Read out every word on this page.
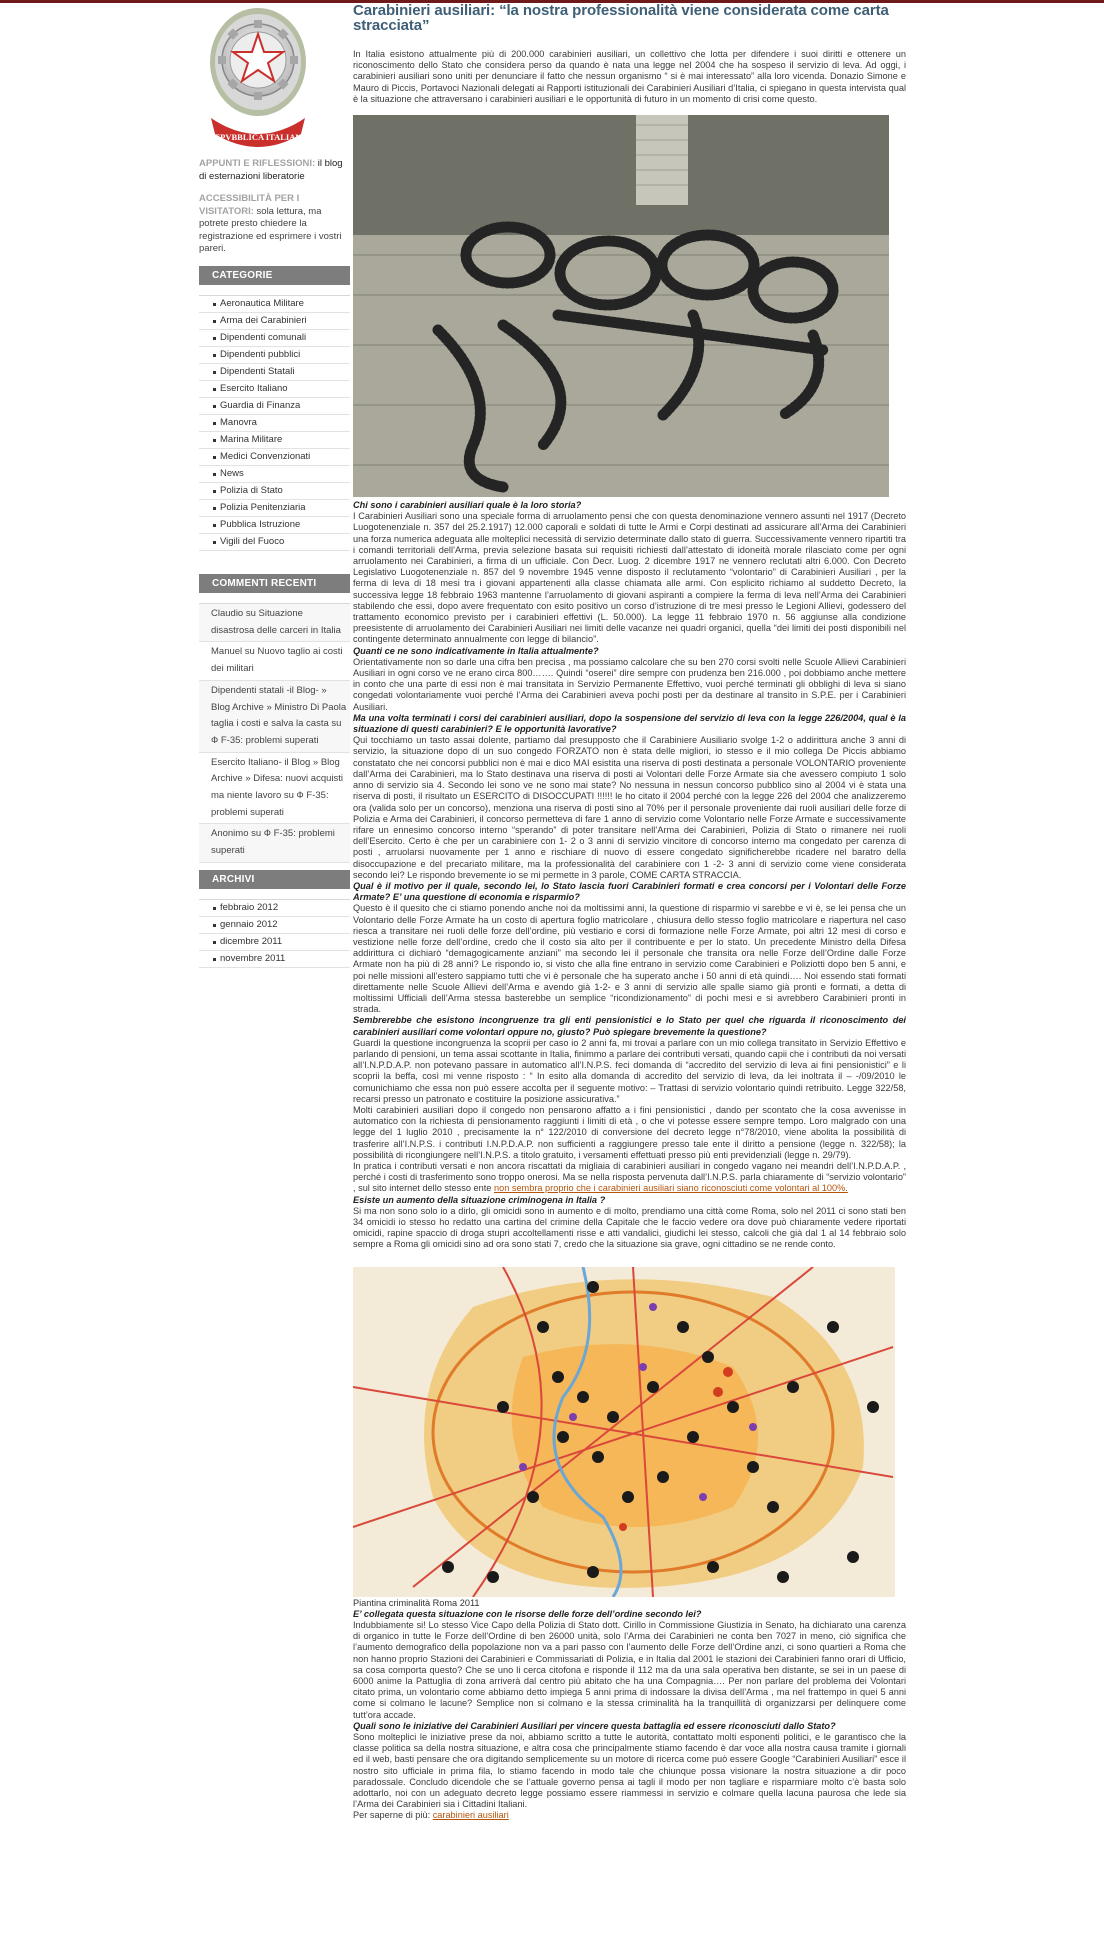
REPVBBLICA ITALIANA

APPUNTI E RIFLESSIONI: il blog di esternazioni liberatorie

ACCESSIBILITÀ PER I VISITATORI: sola lettura, ma potrete presto chiedere la registrazione ed esprimere i vostri pareri.

CATEGORIE
Aeronautica Militare
Arma dei Carabinieri
Dipendenti comunali
Dipendenti pubblici
Dipendenti Statali
Esercito Italiano
Guardia di Finanza
Manovra
Marina Militare
Medici Convenzionati
News
Polizia di Stato
Polizia Penitenziaria
Pubblica Istruzione
Vigili del Fuoco
COMMENTI RECENTI
Claudio su Situazione disastrosa delle carceri in Italia
Manuel su Nuovo taglio ai costi dei militari
Dipendenti statali -il Blog- » Blog Archive » Ministro Di Paola taglia i costi e salva la casta su Ф F-35: problemi superati
Esercito Italiano- il Blog » Blog Archive » Difesa: nuovi acquisti ma niente lavoro su Ф F-35: problemi superati
Anonimo su Ф F-35: problemi superati
ARCHIVI
febbraio 2012
gennaio 2012
dicembre 2011
novembre 2011
Carabinieri ausiliari: “la nostra professionalità viene considerata come carta stracciata”

In Italia esistono attualmente più di 200.000 carabinieri ausiliari, un collettivo che lotta per difendere i suoi diritti e ottenere un riconoscimento dello Stato che considera perso da quando è nata una legge nel 2004 che ha sospeso il servizio di leva. Ad oggi, i carabinieri ausiliari sono uniti per denunciare il fatto che nessun organismo “ si è mai interessato” alla loro vicenda. Donazio Simone e Mauro di Piccis, Portavoci Nazionali delegati ai Rapporti istituzionali dei Carabinieri Ausiliari d’Italia, ci spiegano in questa intervista qual è la situazione che attraversano i carabinieri ausiliari e le opportunità di futuro in un momento di crisi come questo.

Chi sono i carabinieri ausiliari quale è la loro storia?

I Carabinieri Ausiliari sono una speciale forma di arruolamento pensi che con questa denominazione vennero assunti nel 1917 (Decreto Luogotenenziale n. 357 del 25.2.1917) 12.000 caporali e soldati di tutte le Armi e Corpi destinati ad assicurare all’Arma dei Carabinieri una forza numerica adeguata alle molteplici necessità di servizio determinate dallo stato di guerra. Successivamente vennero ripartiti tra i comandi territoriali dell’Arma, previa selezione basata sui requisiti richiesti dall’attestato di idoneità morale rilasciato come per ogni arruolamento nei Carabinieri, a firma di un ufficiale. Con Decr. Luog. 2 dicembre 1917 ne vennero reclutati altri 6.000. Con Decreto Legislativo Luogotenenziale n. 857 del 9 novembre 1945 venne disposto il reclutamento “volontario” di Carabinieri Ausiliari , per la ferma di leva di 18 mesi tra i giovani appartenenti alla classe chiamata alle armi. Con esplicito richiamo al suddetto Decreto, la successiva legge 18 febbraio 1963 mantenne l’arruolamento di giovani aspiranti a compiere la ferma di leva nell’Arma dei Carabinieri stabilendo che essi, dopo avere frequentato con esito positivo un corso d’istruzione di tre mesi presso le Legioni Allievi, godessero del trattamento economico previsto per i carabinieri effettivi (L. 50.000). La legge 11 febbraio 1970 n. 56 aggiunse alla condizione preesistente di arruolamento dei Carabinieri Ausiliari nei limiti delle vacanze nei quadri organici, quella “dei limiti dei posti disponibili nel contingente determinato annualmente con legge di bilancio”.

Quanti ce ne sono indicativamente in Italia attualmente?

Orientativamente non so darle una cifra ben precisa , ma possiamo calcolare che su ben 270 corsi svolti nelle Scuole Allievi Carabinieri Ausiliari in ogni corso ve ne erano circa 800……. Quindi “oserei” dire sempre con prudenza ben 216.000 , poi dobbiamo anche mettere in conto che una parte di essi non è mai transitata in Servizio Permanente Effettivo, vuoi perché terminati gli obblighi di leva si siano congedati volontariamente vuoi perché l’Arma dei Carabinieri aveva pochi posti per da destinare al transito in S.P.E. per i Carabinieri Ausiliari.

Ma una volta terminati i corsi dei carabinieri ausiliari, dopo la sospensione del servizio di leva con la legge 226/2004, qual è la situazione di questi carabinieri? E le opportunità lavorative?

Qui tocchiamo un tasto assai dolente, partiamo dal presupposto che il Carabiniere Ausiliario svolge 1-2 o addirittura anche 3 anni di servizio, la situazione dopo di un suo congedo FORZATO non è stata delle migliori, io stesso e il mio collega De Piccis abbiamo constatato che nei concorsi pubblici non è mai e dico MAI esistita una riserva di posti destinata a personale VOLONTARIO proveniente dall’Arma dei Carabinieri, ma lo Stato destinava una riserva di posti ai Volontari delle Forze Armate sia che avessero compiuto 1 solo anno di servizio sia 4. Secondo lei sono ve ne sono mai state? No nessuna in nessun concorso pubblico sino al 2004 vi è stata una riserva di posti, il risultato un ESERCITO di DISOCCUPATI !!!!!! le ho citato il 2004 perché con la legge 226 del 2004 che analizzeremo ora (valida solo per un concorso), menziona una riserva di posti sino al 70% per il personale proveniente dai ruoli ausiliari delle forze di Polizia e Arma dei Carabinieri, il concorso permetteva di fare 1 anno di servizio come Volontario nelle Forze Armate e successivamente rifare un ennesimo concorso interno “sperando” di poter transitare nell’Arma dei Carabinieri, Polizia di Stato o rimanere nei ruoli dell’Esercito. Certo è che per un carabiniere con 1- 2 o 3 anni di servizio vincitore di concorso interno ma congedato per carenza di posti , arruolarsi nuovamente per 1 anno e rischiare di nuovo di essere congedato significherebbe ricadere nel baratro della disoccupazione e del precariato militare, ma la professionalità del carabiniere con 1 -2- 3 anni di servizio come viene considerata secondo lei? Le rispondo brevemente io se mi permette in 3 parole, COME CARTA STRACCIA.

Qual è il motivo per il quale, secondo lei, lo Stato lascia fuori Carabinieri formati e crea concorsi per i Volontari delle Forze Armate? E’ una questione di economia e risparmio?

Questo è il quesito che ci stiamo ponendo anche noi da moltissimi anni, la questione di risparmio vi sarebbe e vi è, se lei pensa che un Volontario delle Forze Armate ha un costo di apertura foglio matricolare , chiusura dello stesso foglio matricolare e riapertura nel caso riesca a transitare nei ruoli delle forze dell’ordine, più vestiario e corsi di formazione nelle Forze Armate, poi altri 12 mesi di corso e vestizione nelle forze dell’ordine, credo che il costo sia alto per il contribuente e per lo stato. Un precedente Ministro della Difesa addirittura ci dichiarò “demagogicamente anziani” ma secondo lei il personale che transita ora nelle Forze dell’Ordine dalle Forze Armate non ha più di 28 anni? Le rispondo io, si visto che alla fine entrano in servizio come Carabinieri e Poliziotti dopo ben 5 anni, e poi nelle missioni all’estero sappiamo tutti che vi è personale che ha superato anche i 50 anni di età quindi…. Noi essendo stati formati direttamente nelle Scuole Allievi dell’Arma e avendo già 1-2- e 3 anni di servizio alle spalle siamo già pronti e formati, a detta di moltissimi Ufficiali dell’Arma stessa basterebbe un semplice “ricondizionamento” di pochi mesi e si avrebbero Carabinieri pronti in strada.

Sembrerebbe che esistono incongruenze tra gli enti pensionistici e lo Stato per quel che riguarda il riconoscimento dei carabinieri ausiliari come volontari oppure no, giusto? Può spiegare brevemente la questione?

Guardi la questione incongruenza la scoprii per caso io 2 anni fa, mi trovai a parlare con un mio collega transitato in Servizio Effettivo e parlando di pensioni, un tema assai scottante in Italia, finimmo a parlare dei contributi versati, quando capii che i contributi da noi versati all’I.N.P.D.A.P. non potevano passare in automatico all’I.N.P.S. feci domanda di “accredito del servizio di leva ai fini pensionistici” e li scoprii la beffa, così mi venne risposto : “ In esito alla domanda di accredito del servizio di leva, da lei inoltrata il – -/09/2010 le comunichiamo che essa non può essere accolta per il seguente motivo: – Trattasi di servizio volontario quindi retribuito. Legge 322/58, recarsi presso un patronato e costituire la posizione assicurativa.”

Molti carabinieri ausiliari dopo il congedo non pensarono affatto a i fini pensionistici , dando per scontato che la cosa avvenisse in automatico con la richiesta di pensionamento raggiunti i limiti di età , o che vi potesse essere sempre tempo. Loro malgrado con una legge del 1 luglio 2010 , precisamente la n° 122/2010 di conversione del decreto legge n°78/2010, viene abolita la possibilità di trasferire all’I.N.P.S. i contributi I.N.P.D.A.P. non sufficienti a raggiungere presso tale ente il diritto a pensione (legge n. 322/58); la possibilità di ricongiungere nell’I.N.P.S. a titolo gratuito, i versamenti effettuati presso più enti previdenziali (legge n. 29/79).

In pratica i contributi versati e non ancora riscattati da migliaia di carabinieri ausiliari in congedo vagano nei meandri dell’I.N.P.D.A.P. , perché i costi di trasferimento sono troppo onerosi. Ma se nella risposta pervenuta dall’I.N.P.S. parla chiaramente di “servizio volontario” , sul sito internet dello stesso ente non sembra proprio che i carabinieri ausiliari siano riconosciuti come volontari al 100%.

Esiste un aumento della situazione criminogena in Italia ?

Si ma non sono solo io a dirlo, gli omicidi sono in aumento e di molto, prendiamo una città come Roma, solo nel 2011 ci sono stati ben 34 omicidi io stesso ho redatto una cartina del crimine della Capitale che le faccio vedere ora dove può chiaramente vedere riportati omicidi, rapine spaccio di droga stupri accoltellamenti risse e atti vandalici, giudichi lei stesso, calcoli che già dal 1 al 14 febbraio solo sempre a Roma gli omicidi sino ad ora sono stati 7, credo che la situazione sia grave, ogni cittadino se ne rende conto.

Piantina criminalità Roma 2011

E’ collegata questa situazione con le risorse delle forze dell’ordine secondo lei?

Indubbiamente si! Lo stesso Vice Capo della Polizia di Stato dott. Cirillo in Commissione Giustizia in Senato, ha dichiarato una carenza di organico in tutte le Forze dell’Ordine di ben 26000 unità, solo l’Arma dei Carabinieri ne conta ben 7027 in meno, ciò significa che l’aumento demografico della popolazione non va a pari passo con l’aumento delle Forze dell’Ordine anzi, ci sono quartieri a Roma che non hanno proprio Stazioni dei Carabinieri e Commissariati di Polizia, e in Italia dal 2001 le stazioni dei Carabinieri fanno orari di Ufficio, sa cosa comporta questo? Che se uno li cerca citofona e risponde il 112 ma da una sala operativa ben distante, se sei in un paese di 6000 anime la Pattuglia di zona arriverà dal centro più abitato che ha una Compagnia…. Per non parlare del problema dei Volontari citato prima, un volontario come abbiamo detto impiega 5 anni prima di indossare la divisa dell’Arma , ma nel frattempo in quei 5 anni come si colmano le lacune? Semplice non si colmano e la stessa criminalità ha la tranquillità di organizzarsi per delinquere come tutt’ora accade.

Quali sono le iniziative dei Carabinieri Ausiliari per vincere questa battaglia ed essere riconosciuti dallo Stato?

Sono molteplici le iniziative prese da noi, abbiamo scritto a tutte le autorità, contattato molti esponenti politici, e le garantisco che la classe politica sa della nostra situazione, e altra cosa che principalmente stiamo facendo è dar voce alla nostra causa tramite i giornali ed il web, basti pensare che ora digitando semplicemente su un motore di ricerca come può essere Google “Carabinieri Ausiliari” esce il nostro sito ufficiale in prima fila, lo stiamo facendo in modo tale che chiunque possa visionare la nostra situazione a dir poco paradossale. Concludo dicendole che se l’attuale governo pensa ai tagli il modo per non tagliare e risparmiare molto c’è basta solo adottarlo, noi con un adeguato decreto legge possiamo essere riammessi in servizio e colmare quella lacuna paurosa che lede sia l’Arma dei Carabinieri sia i Cittadini Italiani.

Per saperne di più: carabinieri ausiliari
